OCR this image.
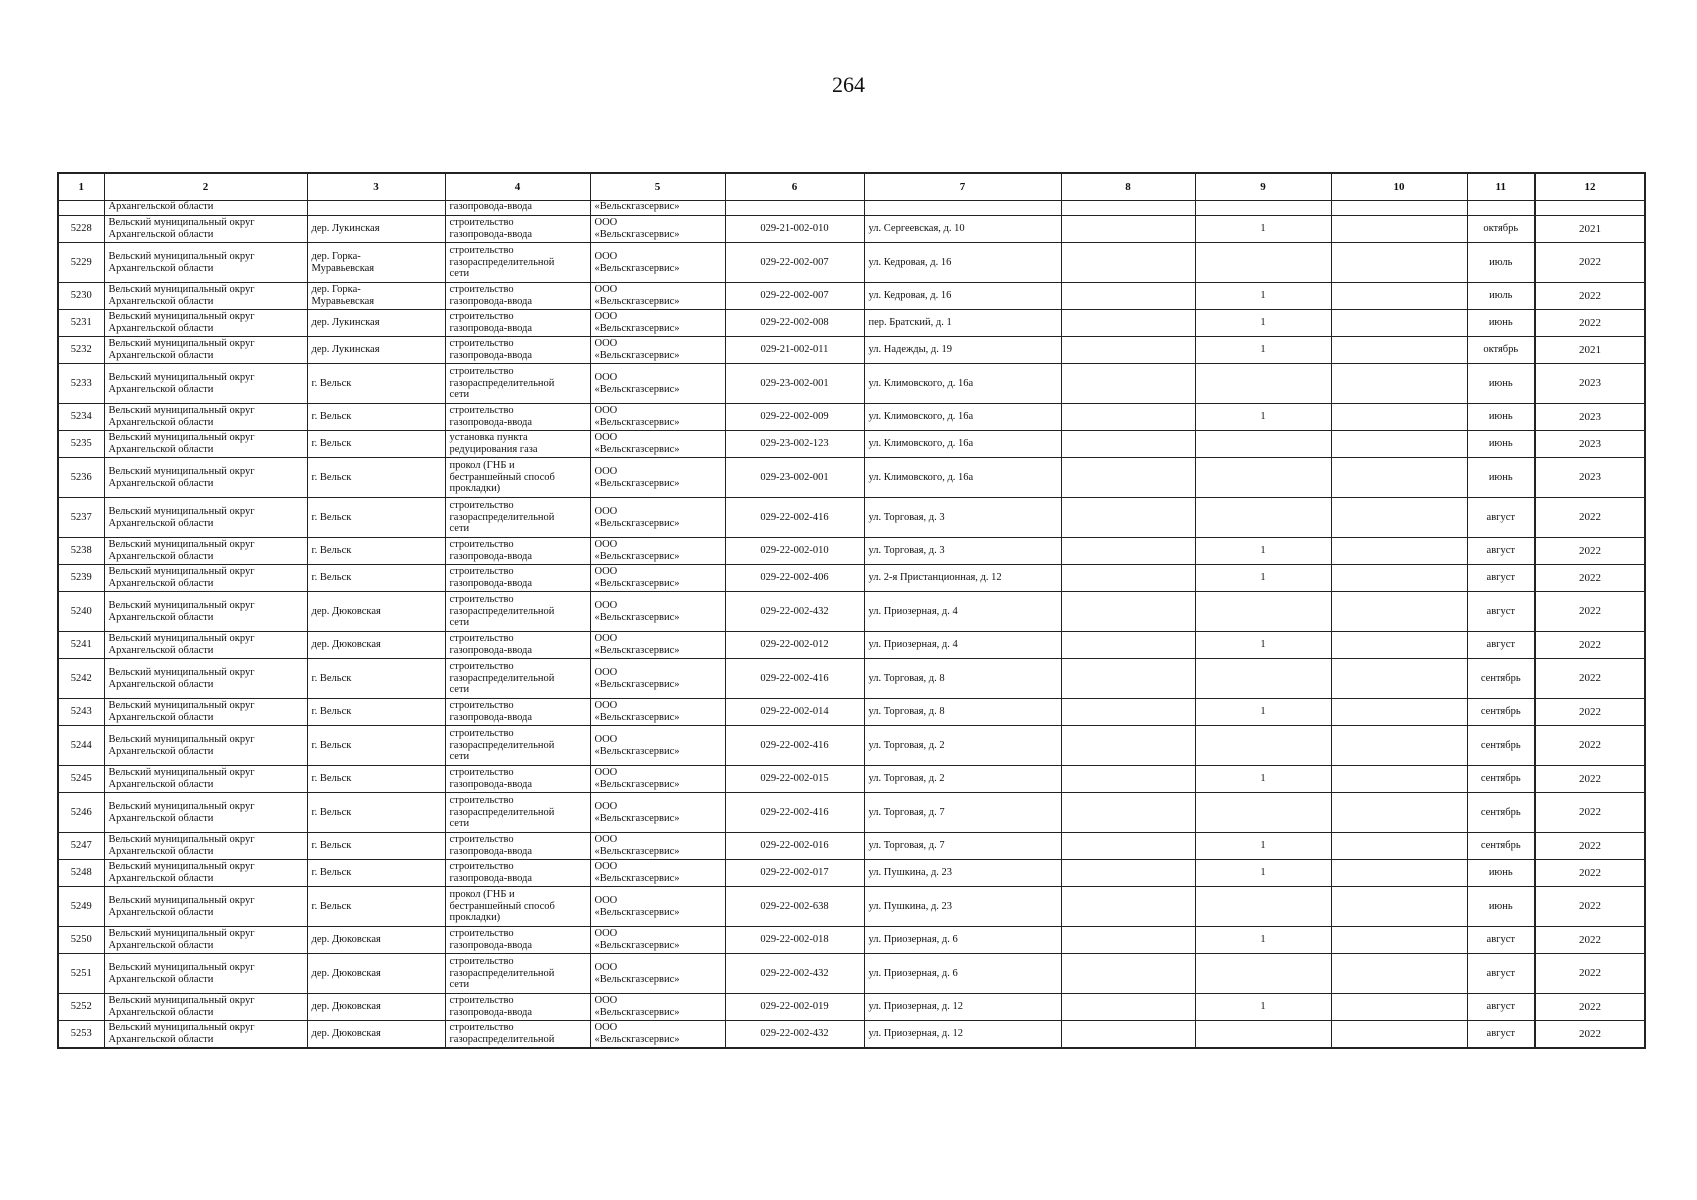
264
1	2	3	4	5	6	7	8	9	10	11	12

	Архангельской области		газопровода-ввода	«Вельскгазсервис»							

5228	Вельский муниципальный округ
Архангельской области	дер. Лукинская	строительство
газопровода-ввода	ООО
«Вельскгазсервис»	029-21-002-010	ул. Сергеевская, д. 10		1		октябрь	2021

5229	Вельский муниципальный округ
Архангельской области	дер. Горка-
Муравьевская	строительство
газораспределительной
сети	ООО
«Вельскгазсервис»	029-22-002-007	ул. Кедровая, д. 16				июль	2022

5230	Вельский муниципальный округ
Архангельской области	дер. Горка-
Муравьевская	строительство
газопровода-ввода	ООО
«Вельскгазсервис»	029-22-002-007	ул. Кедровая, д. 16		1		июль	2022

5231	Вельский муниципальный округ
Архангельской области	дер. Лукинская	строительство
газопровода-ввода	ООО
«Вельскгазсервис»	029-22-002-008	пер. Братский, д. 1		1		июнь	2022

5232	Вельский муниципальный округ
Архангельской области	дер. Лукинская	строительство
газопровода-ввода	ООО
«Вельскгазсервис»	029-21-002-011	ул. Надежды, д. 19		1		октябрь	2021

5233	Вельский муниципальный округ
Архангельской области	г. Вельск	строительство
газораспределительной
сети	ООО
«Вельскгазсервис»	029-23-002-001	ул. Климовского, д. 16а				июнь	2023

5234	Вельский муниципальный округ
Архангельской области	г. Вельск	строительство
газопровода-ввода	ООО
«Вельскгазсервис»	029-22-002-009	ул. Климовского, д. 16а		1		июнь	2023

5235	Вельский муниципальный округ
Архангельской области	г. Вельск	установка пункта
редуцирования газа	ООО
«Вельскгазсервис»	029-23-002-123	ул. Климовского, д. 16а				июнь	2023

5236	Вельский муниципальный округ
Архангельской области	г. Вельск	прокол (ГНБ и
бестраншейный способ
прокладки)	ООО
«Вельскгазсервис»	029-23-002-001	ул. Климовского, д. 16а				июнь	2023

5237	Вельский муниципальный округ
Архангельской области	г. Вельск	строительство
газораспределительной
сети	ООО
«Вельскгазсервис»	029-22-002-416	ул. Торговая, д. 3				август	2022

5238	Вельский муниципальный округ
Архангельской области	г. Вельск	строительство
газопровода-ввода	ООО
«Вельскгазсервис»	029-22-002-010	ул. Торговая, д. 3		1		август	2022

5239	Вельский муниципальный округ
Архангельской области	г. Вельск	строительство
газопровода-ввода	ООО
«Вельскгазсервис»	029-22-002-406	ул. 2-я Пристанционная, д. 12		1		август	2022

5240	Вельский муниципальный округ
Архангельской области	дер. Дюковская	строительство
газораспределительной
сети	ООО
«Вельскгазсервис»	029-22-002-432	ул. Приозерная, д. 4				август	2022

5241	Вельский муниципальный округ
Архангельской области	дер. Дюковская	строительство
газопровода-ввода	ООО
«Вельскгазсервис»	029-22-002-012	ул. Приозерная, д. 4		1		август	2022

5242	Вельский муниципальный округ
Архангельской области	г. Вельск	строительство
газораспределительной
сети	ООО
«Вельскгазсервис»	029-22-002-416	ул. Торговая, д. 8				сентябрь	2022

5243	Вельский муниципальный округ
Архангельской области	г. Вельск	строительство
газопровода-ввода	ООО
«Вельскгазсервис»	029-22-002-014	ул. Торговая, д. 8		1		сентябрь	2022

5244	Вельский муниципальный округ
Архангельской области	г. Вельск	строительство
газораспределительной
сети	ООО
«Вельскгазсервис»	029-22-002-416	ул. Торговая, д. 2				сентябрь	2022

5245	Вельский муниципальный округ
Архангельской области	г. Вельск	строительство
газопровода-ввода	ООО
«Вельскгазсервис»	029-22-002-015	ул. Торговая, д. 2		1		сентябрь	2022

5246	Вельский муниципальный округ
Архангельской области	г. Вельск	строительство
газораспределительной
сети	ООО
«Вельскгазсервис»	029-22-002-416	ул. Торговая, д. 7				сентябрь	2022

5247	Вельский муниципальный округ
Архангельской области	г. Вельск	строительство
газопровода-ввода	ООО
«Вельскгазсервис»	029-22-002-016	ул. Торговая, д. 7		1		сентябрь	2022

5248	Вельский муниципальный округ
Архангельской области	г. Вельск	строительство
газопровода-ввода	ООО
«Вельскгазсервис»	029-22-002-017	ул. Пушкина, д. 23		1		июнь	2022

5249	Вельский муниципальный округ
Архангельской области	г. Вельск	прокол (ГНБ и
бестраншейный способ
прокладки)	ООО
«Вельскгазсервис»	029-22-002-638	ул. Пушкина, д. 23				июнь	2022

5250	Вельский муниципальный округ
Архангельской области	дер. Дюковская	строительство
газопровода-ввода	ООО
«Вельскгазсервис»	029-22-002-018	ул. Приозерная, д. 6		1		август	2022

5251	Вельский муниципальный округ
Архангельской области	дер. Дюковская	строительство
газораспределительной
сети	ООО
«Вельскгазсервис»	029-22-002-432	ул. Приозерная, д. 6				август	2022

5252	Вельский муниципальный округ
Архангельской области	дер. Дюковская	строительство
газопровода-ввода	ООО
«Вельскгазсервис»	029-22-002-019	ул. Приозерная, д. 12		1		август	2022

5253	Вельский муниципальный округ
Архангельской области	дер. Дюковская	строительство
газораспределительной	ООО
«Вельскгазсервис»	029-22-002-432	ул. Приозерная, д. 12				август	2022
